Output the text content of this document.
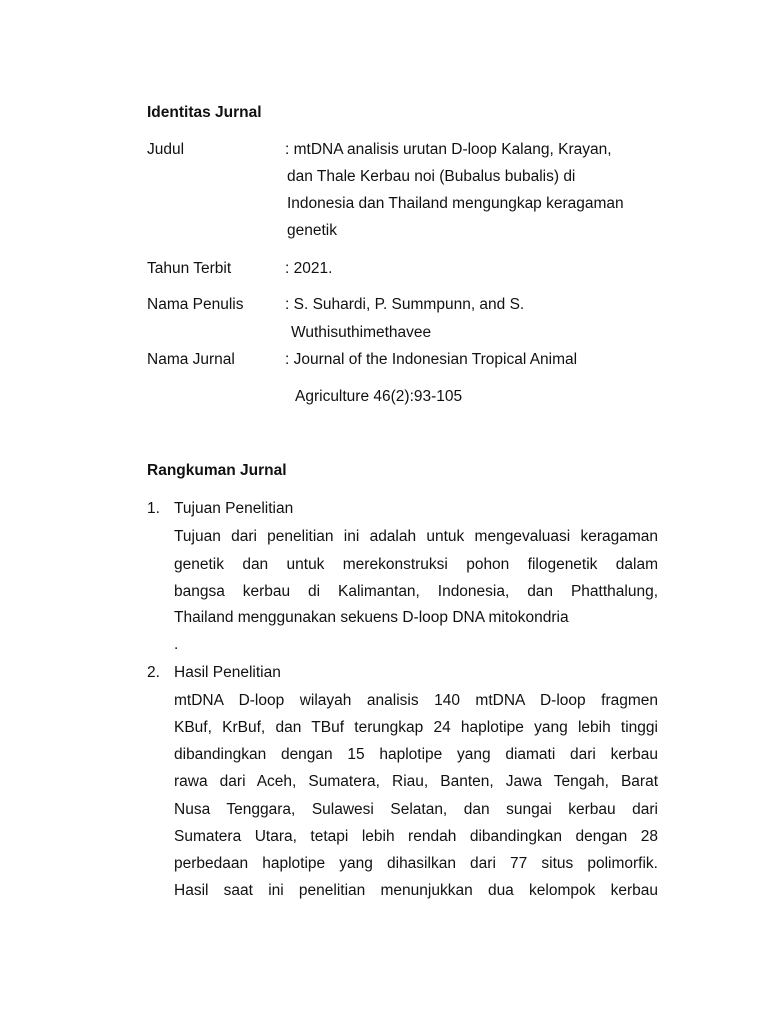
Identitas Jurnal
Judul	: mtDNA analisis urutan D-loop Kalang, Krayan,
dan Thale Kerbau noi (Bubalus bubalis) di
Indonesia dan Thailand mengungkap keragaman
genetik
Tahun Terbit	: 2021.
Nama Penulis	: S. Suhardi, P. Summpunn, and S.
Wuthisuthimethavee
Nama Jurnal	: Journal of the Indonesian Tropical Animal
Agriculture 46(2):93-105
Rangkuman Jurnal
1. Tujuan Penelitian
Tujuan dari penelitian ini adalah untuk mengevaluasi keragaman
genetik dan untuk merekonstruksi pohon filogenetik dalam
bangsa kerbau di Kalimantan, Indonesia, dan Phatthalung,
Thailand menggunakan sekuens D-loop DNA mitokondria
.
2. Hasil Penelitian
mtDNA D-loop wilayah analisis 140 mtDNA D-loop fragmen
KBuf, KrBuf, dan TBuf terungkap 24 haplotipe yang lebih tinggi
dibandingkan dengan 15 haplotipe yang diamati dari kerbau
rawa dari Aceh, Sumatera, Riau, Banten, Jawa Tengah, Barat
Nusa Tenggara, Sulawesi Selatan, dan sungai kerbau dari
Sumatera Utara, tetapi lebih rendah dibandingkan dengan 28
perbedaan haplotipe yang dihasilkan dari 77 situs polimorfik.
Hasil saat ini penelitian menunjukkan dua kelompok kerbau
